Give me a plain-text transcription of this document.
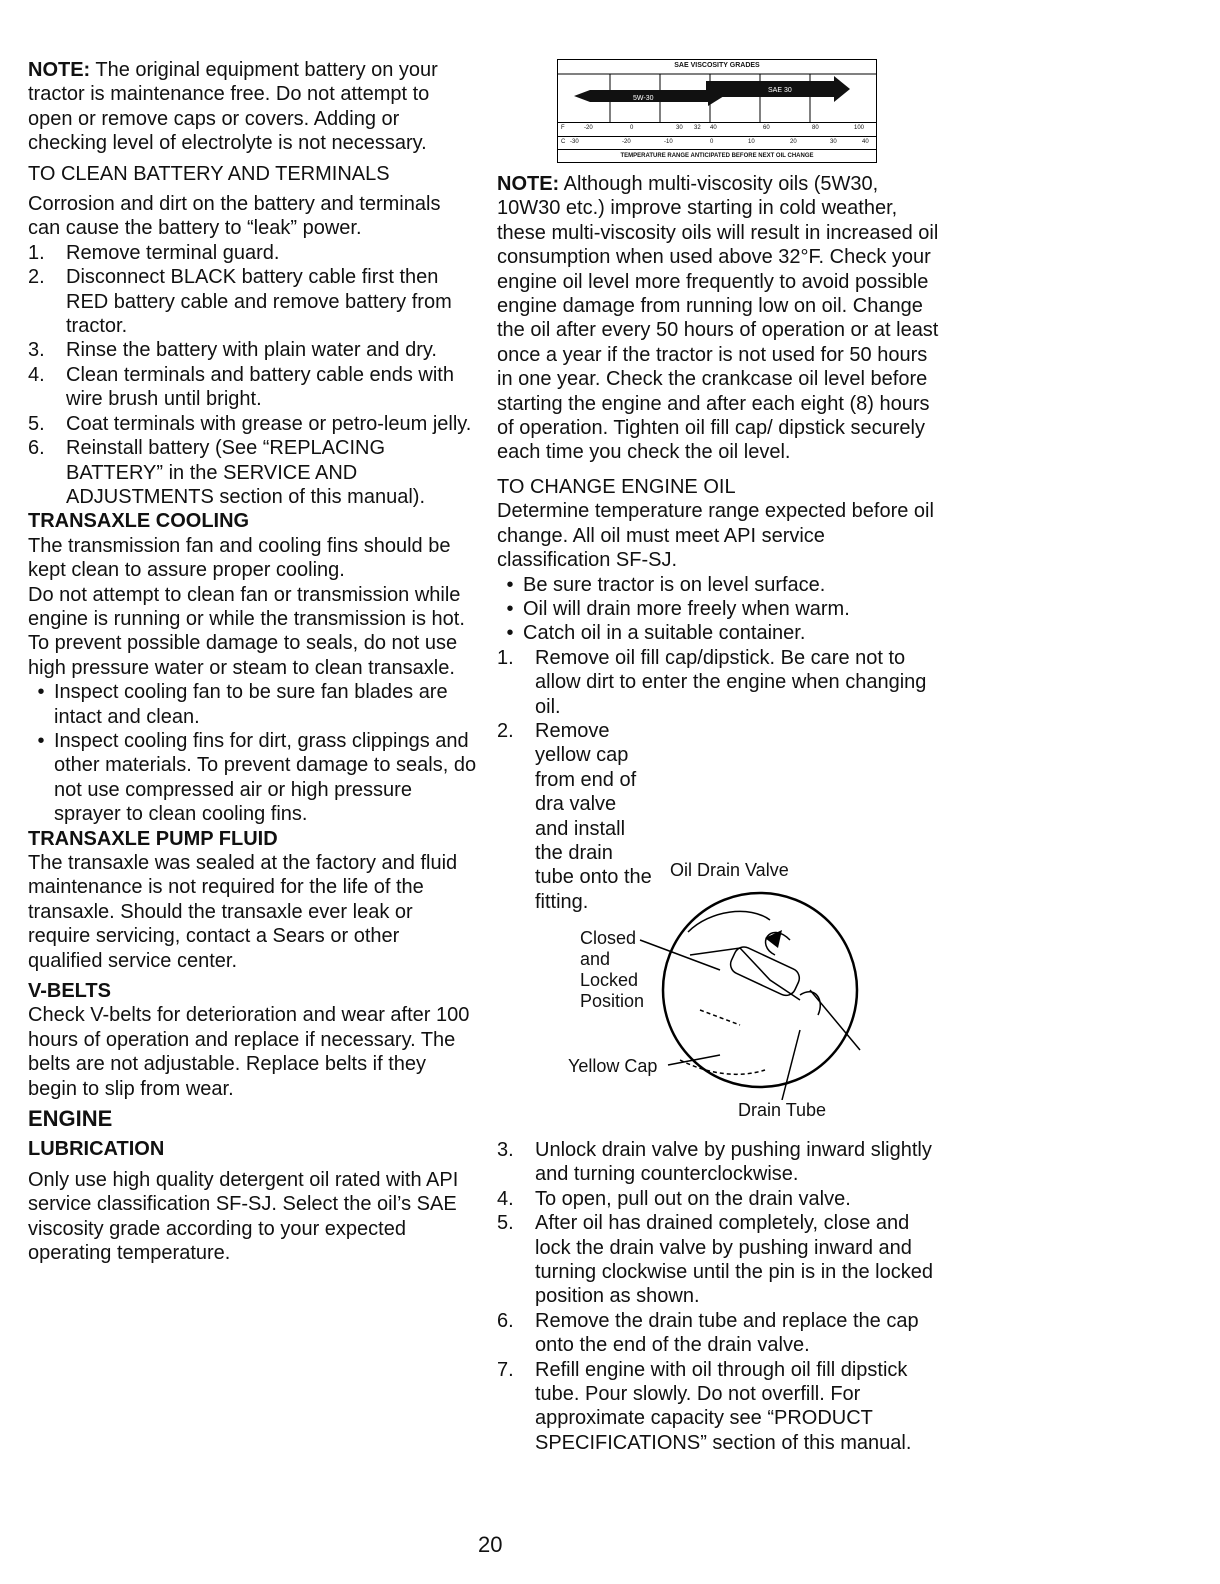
NOTE: The original equipment battery on your tractor is maintenance free. Do not attempt to open or remove caps or covers. Adding or checking level of electrolyte is not necessary.

TO CLEAN BATTERY AND TERMINALS

Corrosion and dirt on the battery and terminals can cause the battery to “leak” power.

1.	Remove terminal guard.
2.	Disconnect BLACK battery cable first then RED battery cable and remove battery from tractor.
3.	Rinse the battery with plain water and dry.
4.	Clean terminals and battery cable ends with wire brush until bright.
5.	Coat terminals with grease or petro-leum jelly.
6.	Reinstall battery (See “REPLACING BATTERY” in the SERVICE AND ADJUSTMENTS section of this manual).

TRANSAXLE COOLING

The transmission fan and cooling fins should be kept clean to assure proper cooling.

Do not attempt to clean fan or transmission while engine is running or while the transmission is hot. To prevent possible damage to seals, do not use high pressure water or steam to clean transaxle.

• Inspect cooling fan to be sure fan blades are intact and clean.
• Inspect cooling fins for dirt, grass clippings and other materials. To prevent damage to seals, do not use compressed air or high pressure sprayer to clean cooling fins.

TRANSAXLE PUMP FLUID

The transaxle was sealed at the factory and fluid maintenance is not required for the life of the transaxle. Should the transaxle ever leak or require servicing, contact a Sears or other qualified service center.

V-BELTS

Check V-belts for deterioration and wear after 100 hours of operation and replace if necessary. The belts are not adjustable. Replace belts if they begin to slip from wear.

ENGINE

LUBRICATION

Only use high quality detergent oil rated with API service classification SF-SJ. Select the oil’s SAE viscosity grade according to your expected operating temperature.

SAE VISCOSITY GRADES
5W-30
SAE 30
F	-20	0	30 32 40	60	80	100
C -30	-20	-10	0	10	20	30	40
TEMPERATURE RANGE ANTICIPATED BEFORE NEXT OIL CHANGE

NOTE: Although multi-viscosity oils (5W30, 10W30 etc.) improve starting in cold weather, these multi-viscosity oils will result in increased oil consumption when used above 32°F. Check your engine oil level more frequently to avoid possible engine damage from running low on oil. Change the oil after every 50 hours of operation or at least once a year if the tractor is not used for 50 hours in one year. Check the crankcase oil level before starting the engine and after each eight (8) hours of operation. Tighten oil fill cap/ dipstick securely each time you check the oil level.

TO CHANGE ENGINE OIL

Determine temperature range expected before oil change. All oil must meet API service classification SF-SJ.

• Be sure tractor is on level surface.
• Oil will drain more freely when warm.
• Catch oil in a suitable container.
1.	Remove oil fill cap/dipstick. Be care not to allow dirt to enter the engine when changing oil.
2.	Remove yellow cap from end of dra valve and install the drain tube onto the fitting.
Oil Drain Valve
Closed and Locked Position
Yellow Cap
Drain Tube
3.	Unlock drain valve by pushing inward slightly and turning counterclockwise.
4.	To open, pull out on the drain valve.
5.	After oil has drained completely, close and lock the drain valve by pushing inward and turning clockwise until the pin is in the locked position as shown.
6.	Remove the drain tube and replace the cap onto the end of the drain valve.
7.	Refill engine with oil through oil fill dipstick tube. Pour slowly. Do not overfill. For approximate capacity see “PRODUCT SPECIFICATIONS” section of this manual.
20
